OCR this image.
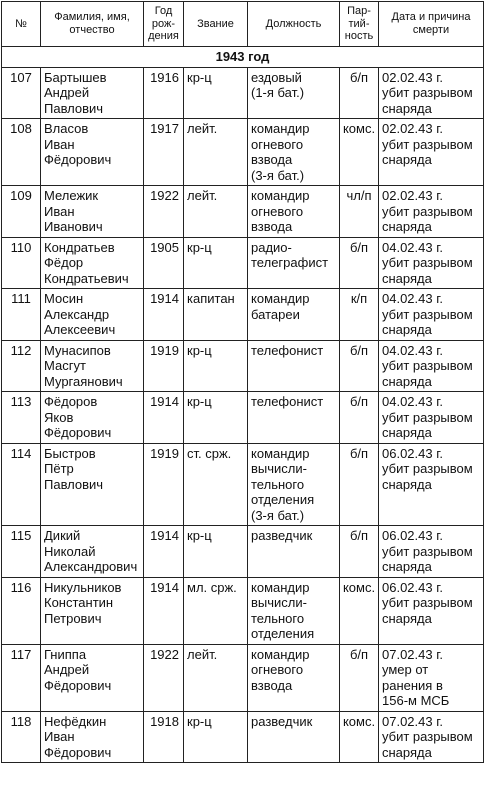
№	Фамилия, имя,
отчество	Год
рож-
дения	Звание	Должность	Пар-
тий-
ность	Дата и причина
смерти
1943 год						
107	Бартышев
Андрей
Павлович	1916	кр-ц	ездовый
(1-я бат.)	б/п	02.02.43 г.
убит разрывом
снаряда

108	Власов
Иван
Фёдорович	1917	лейт.	командир
огневого
взвода
(3-я бат.)	комс.	02.02.43 г.
убит разрывом
снаряда

109	Мележик
Иван
Иванович	1922	лейт.	командир
огневого
взвода	чл/п	02.02.43 г.
убит разрывом
снаряда

110	Кондратьев
Фёдор
Кондратьевич	1905	кр-ц	радио-
телеграфист	б/п	04.02.43 г.
убит разрывом
снаряда

111	Мосин
Александр
Алексеевич	1914	капитан	командир
батареи	к/п	04.02.43 г.
убит разрывом
снаряда

112	Мунасипов
Масгут
Мургаянович	1919	кр-ц	телефонист	б/п	04.02.43 г.
убит разрывом
снаряда

113	Фёдоров
Яков
Фёдорович	1914	кр-ц	телефонист	б/п	04.02.43 г.
убит разрывом
снаряда

114	Быстров
Пётр
Павлович	1919	ст. срж.	командир
вычисли-
тельного
отделения
(3-я бат.)	б/п	06.02.43 г.
убит разрывом
снаряда

115	Дикий
Николай
Александрович	1914	кр-ц	разведчик	б/п	06.02.43 г.
убит разрывом
снаряда

116	Никульников
Константин
Петрович	1914	мл. срж.	командир
вычисли-
тельного
отделения	комс.	06.02.43 г.
убит разрывом
снаряда

117	Гниппа
Андрей
Фёдорович	1922	лейт.	командир
огневого
взвода	б/п	07.02.43 г.
умер от
ранения в
156-м МСБ

118	Нефёдкин
Иван
Фёдорович	1918	кр-ц	разведчик	комс.	07.02.43 г.
убит разрывом
снаряда
